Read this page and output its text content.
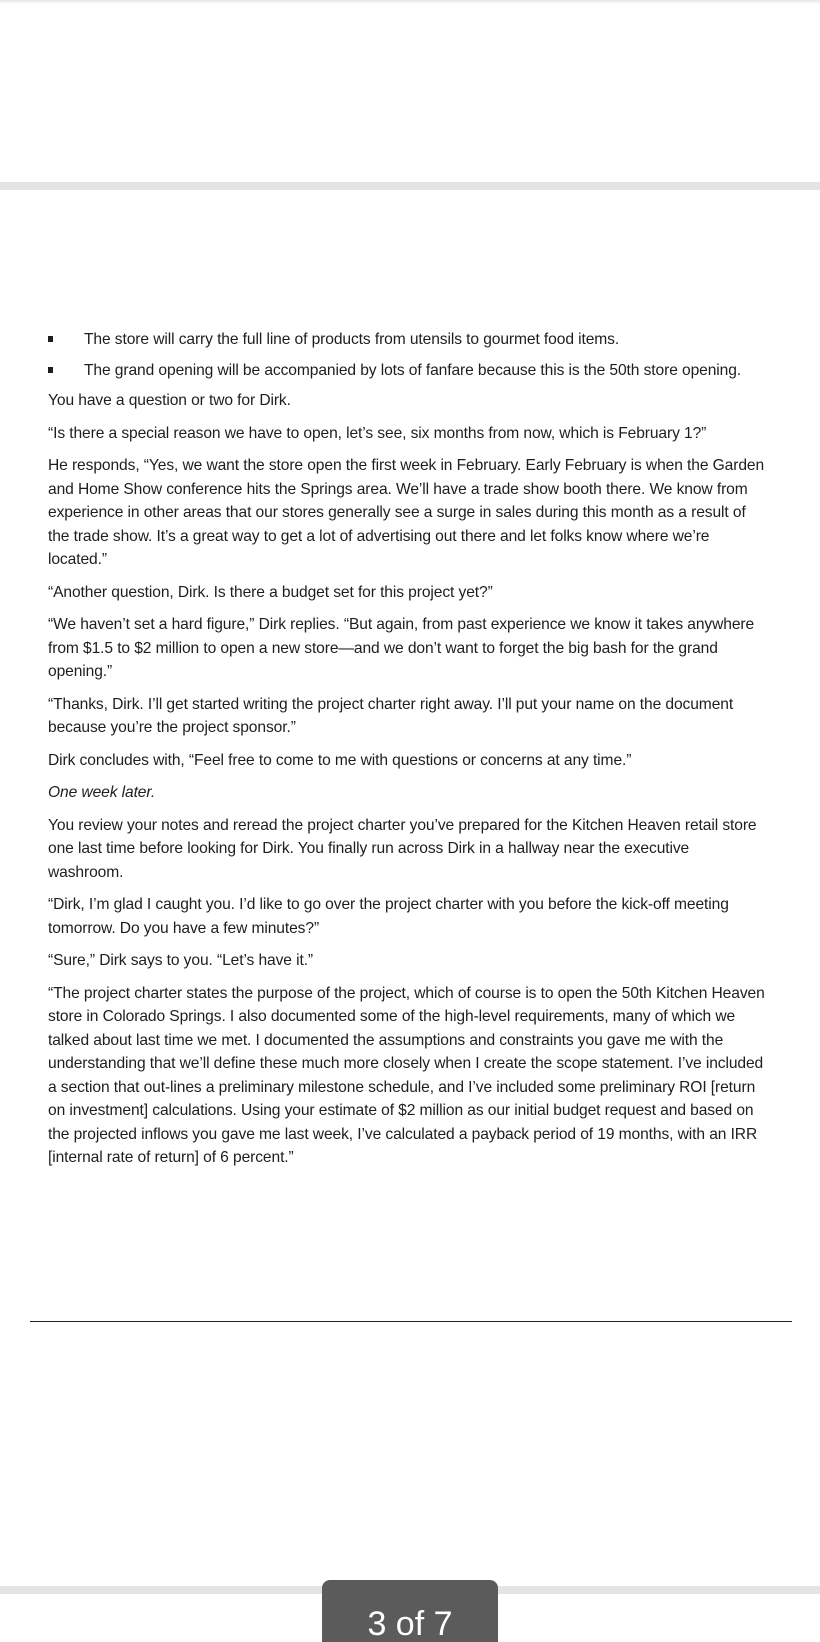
The store will carry the full line of products from utensils to gourmet food items.
The grand opening will be accompanied by lots of fanfare because this is the 50th store opening.

You have a question or two for Dirk.

“Is there a special reason we have to open, let’s see, six months from now, which is February 1?”

He responds, “Yes, we want the store open the first week in February. Early February is when the Garden and Home Show conference hits the Springs area. We’ll have a trade show booth there. We know from experience in other areas that our stores generally see a surge in sales during this month as a result of the trade show. It’s a great way to get a lot of advertising out there and let folks know where we’re located.”

“Another question, Dirk. Is there a budget set for this project yet?”

“We haven’t set a hard figure,” Dirk replies. “But again, from past experience we know it takes anywhere from $1.5 to $2 million to open a new store—and we don’t want to forget the big bash for the grand opening.”

“Thanks, Dirk. I’ll get started writing the project charter right away. I’ll put your name on the document because you’re the project sponsor.”

Dirk concludes with, “Feel free to come to me with questions or concerns at any time.”

One week later.

You review your notes and reread the project charter you’ve prepared for the Kitchen Heaven retail store one last time before looking for Dirk. You finally run across Dirk in a hallway near the executive washroom.

“Dirk, I’m glad I caught you. I’d like to go over the project charter with you before the kick-off meeting tomorrow. Do you have a few minutes?”

“Sure,” Dirk says to you. “Let’s have it.”

“The project charter states the purpose of the project, which of course is to open the 50th Kitchen Heaven store in Colorado Springs. I also documented some of the high-level requirements, many of which we talked about last time we met. I documented the assumptions and constraints you gave me with the understanding that we’ll define these much more closely when I create the scope statement. I’ve included a section that out-lines a preliminary milestone schedule, and I’ve included some preliminary ROI [return on investment] calculations. Using your estimate of $2 million as our initial budget request and based on the projected inflows you gave me last week, I’ve calculated a payback period of 19 months, with an IRR [internal rate of return] of 6 percent.”

3 of 7
